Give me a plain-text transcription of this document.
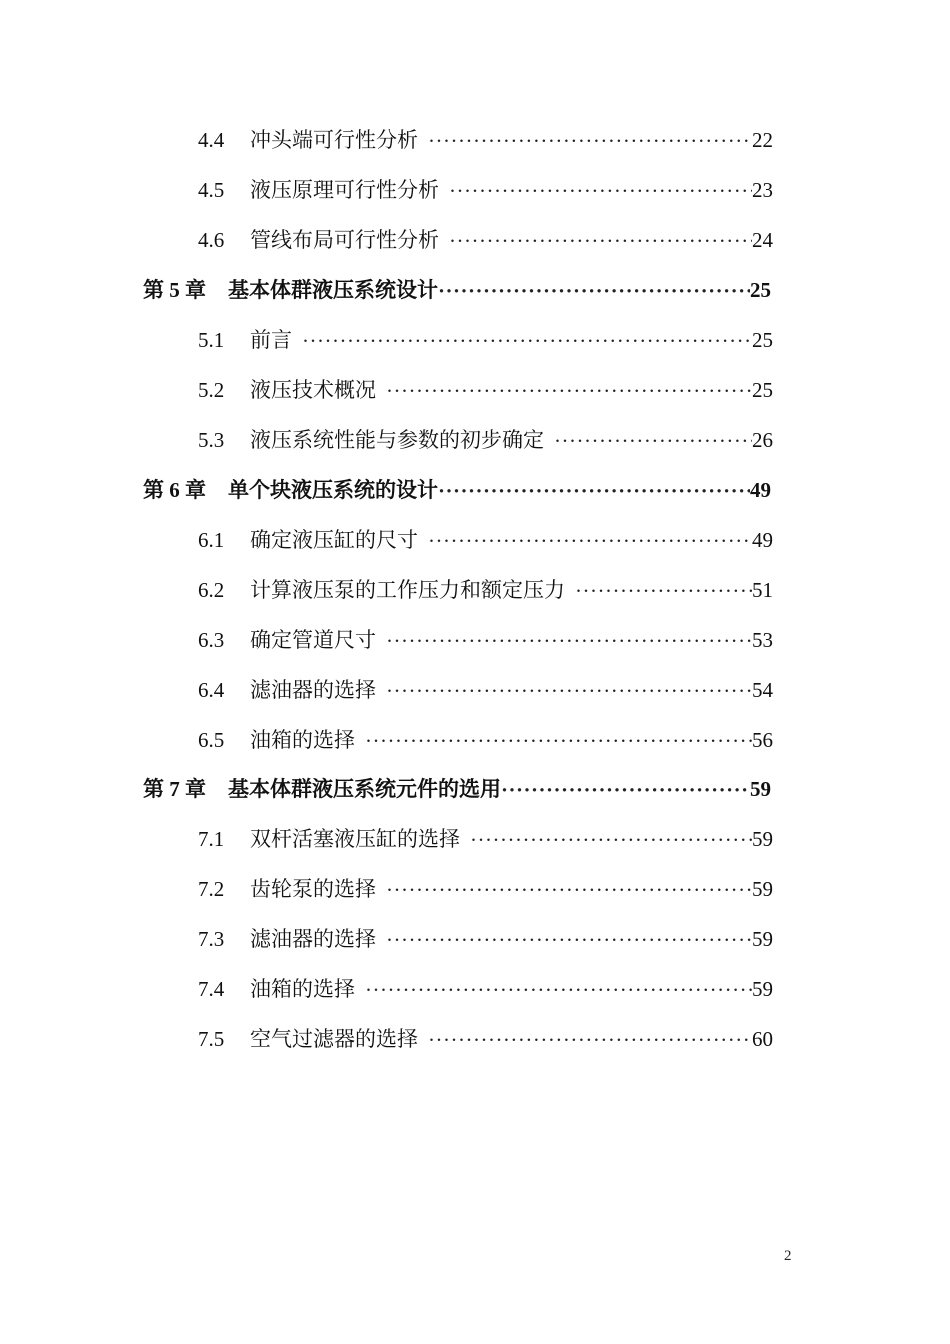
4.4	冲头端可行性分析 ·····	22
4.5	液压原理可行性分析 ·····	23
4.6	管线布局可行性分析 ·····	24
第 5 章 基本体群液压系统设计 ·····	25
5.1	前言 ·····	25
5.2	液压技术概况 ·····	25
5.3	液压系统性能与参数的初步确定 ·····	26
第 6 章 单个块液压系统的设计 ·····	49
6.1	确定液压缸的尺寸 ·····	49
6.2	计算液压泵的工作压力和额定压力 ·····	51
6.3	确定管道尺寸 ·····	53
6.4	滤油器的选择 ·····	54
6.5	油箱的选择 ·····	56
第 7 章 基本体群液压系统元件的选用 ·····	59
7.1	双杆活塞液压缸的选择 ·····	59
7.2	齿轮泵的选择 ·····	59
7.3	滤油器的选择 ·····	59
7.4	油箱的选择 ·····	59
7.5	空气过滤器的选择 ·····	60
2
